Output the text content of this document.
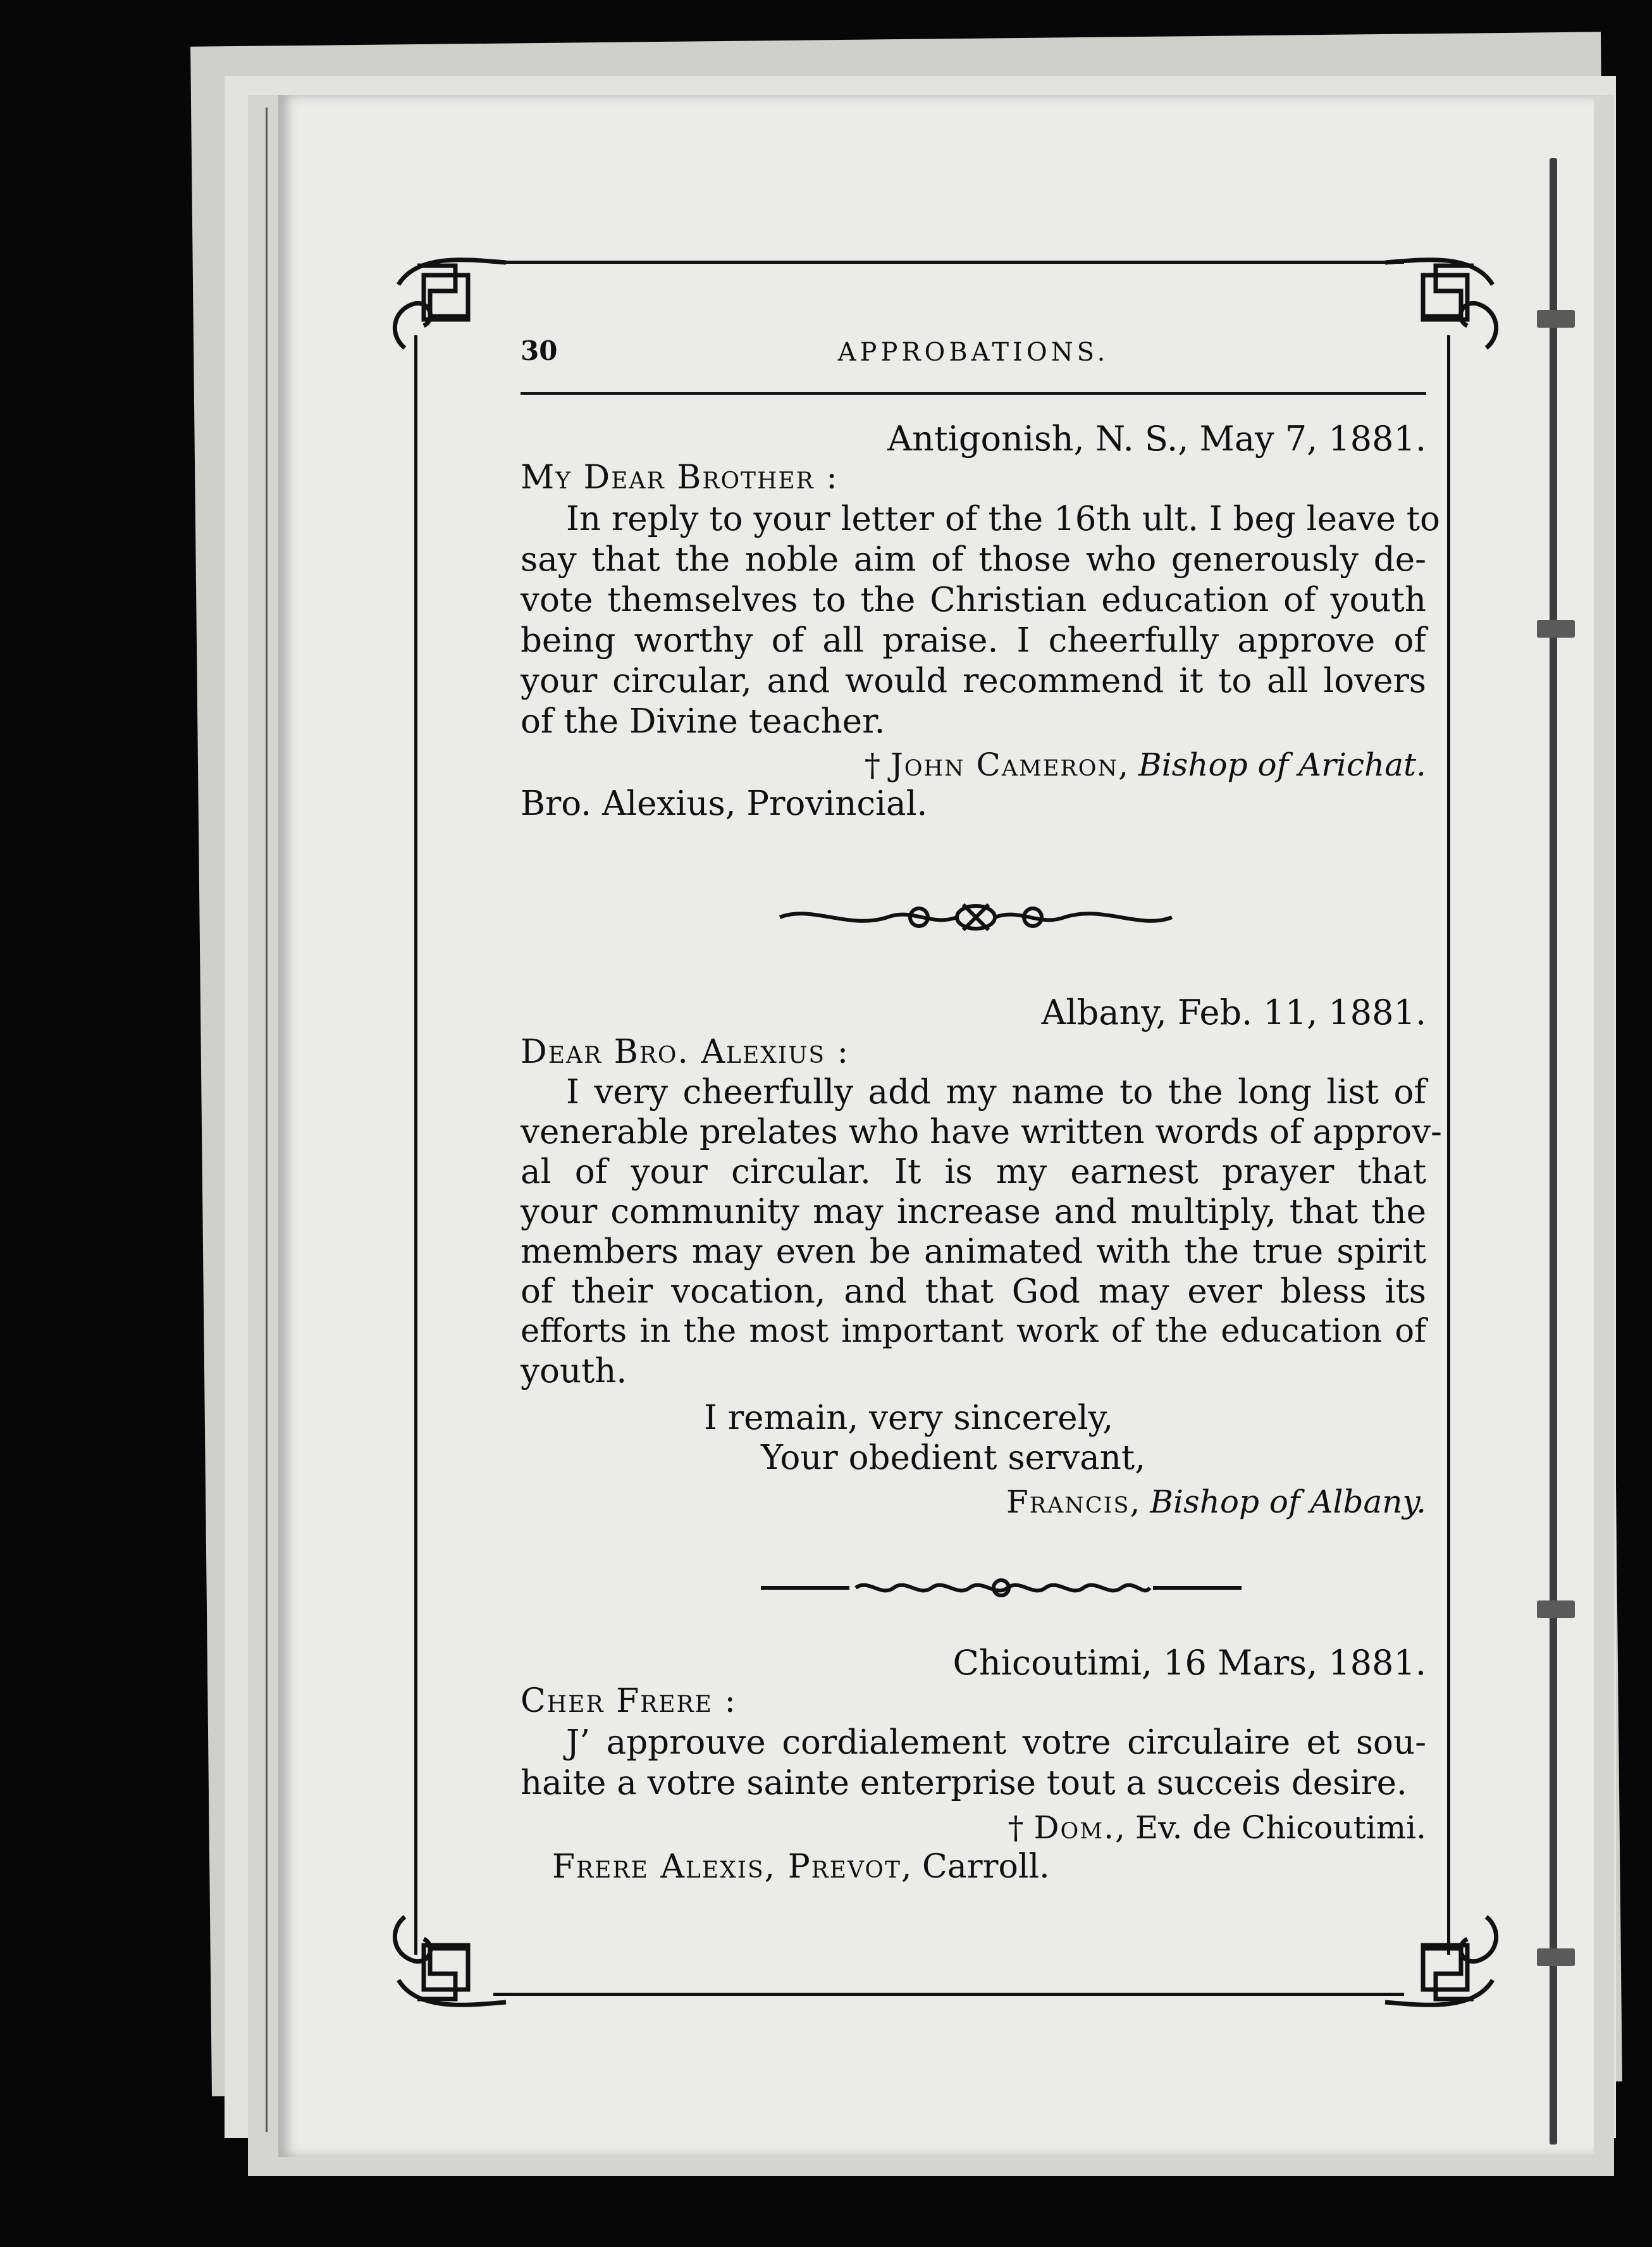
30	APPROBATIONS.
Antigonish, N. S., May 7, 1881.
My Dear Brother :
In reply to your letter of the 16th ult. I beg leave to
say that the noble aim of those who generously de-
vote themselves to the Christian education of youth
being worthy of all praise. I cheerfully approve of
your circular, and would recommend it to all lovers
of the Divine teacher.
† John Cameron, Bishop of Arichat.
Bro. Alexius, Provincial.
Albany, Feb. 11, 1881.
Dear Bro. Alexius :
I very cheerfully add my name to the long list of
venerable prelates who have written words of approv-
al of your circular. It is my earnest prayer that
your community may increase and multiply, that the
members may even be animated with the true spirit
of their vocation, and that God may ever bless its
efforts in the most important work of the education of
youth.
I remain, very sincerely,
Your obedient servant,
Francis, Bishop of Albany.
Chicoutimi, 16 Mars, 1881.
Cher Frere :
J’ approuve cordialement votre circulaire et sou-
haite a votre sainte enterprise tout a succeis desire.
† Dom., Ev. de Chicoutimi.
Frere Alexis, Prevot, Carroll.
